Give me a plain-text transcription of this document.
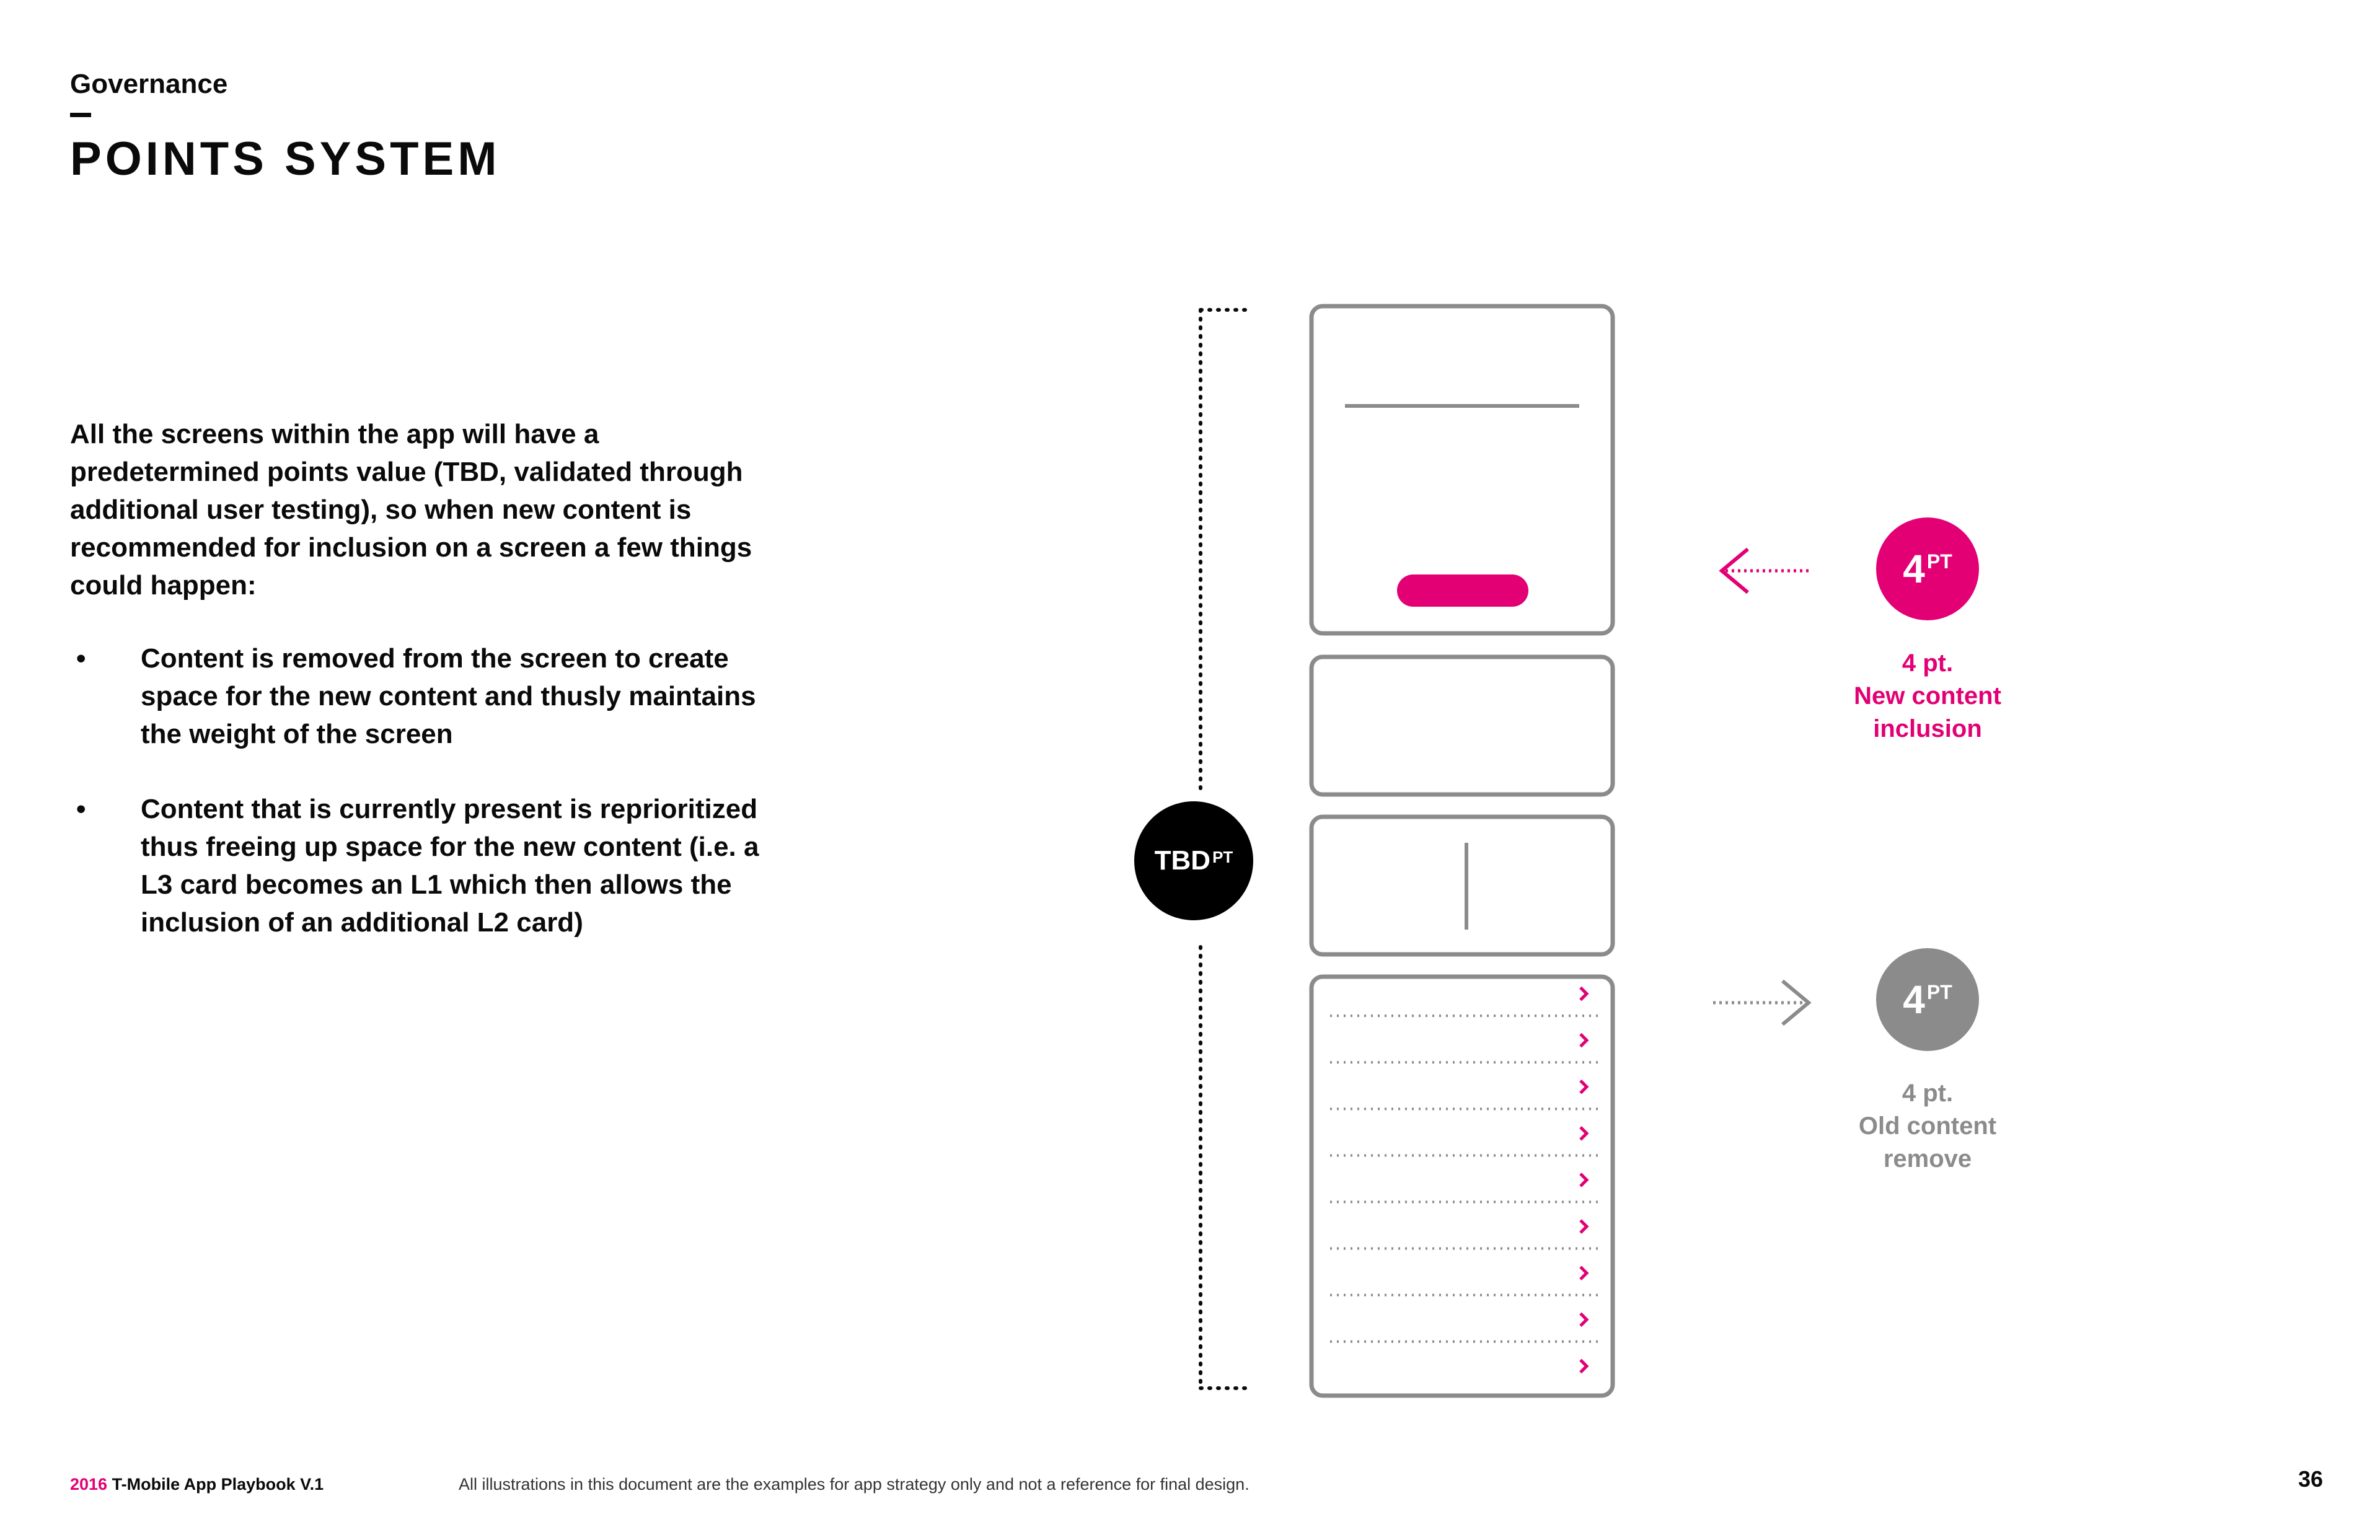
Governance
POINTS SYSTEM

All the screens within the app will have a predetermined points value (TBD, validated through additional user testing), so when new content is recommended for inclusion on a screen a few things could happen:

• Content is removed from the screen to create space for the new content and thusly maintains the weight of the screen
• Content that is currently present is reprioritized thus freeing up space for the new content (i.e. a L3 card becomes an L1 which then allows the inclusion of an additional L2 card)
$TBD^{PT}$
$4^{PT}$
4 pt.
New content
inclusion
$4^{PT}$
4 pt.
Old content
remove
2016 T-Mobile App Playbook V.1	All illustrations in this document are the examples for app strategy only and not a reference for final design.	36
